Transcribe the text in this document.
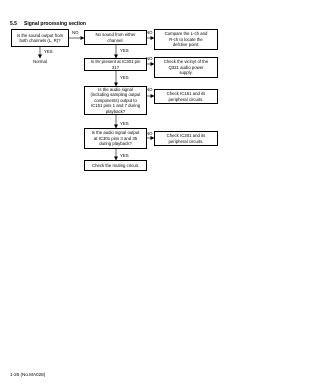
5.5 Signal processing section
Is the sound output from
both channels (L, R)?
NO
YES
Normal
No sound from either
channel.
NO
YES
Compare the L-ch and
R-ch to locate the
defctive point.
Is 9V present at IC301 pin
31?
NO
YES
Check the vicinyt of the
Q321 audio power
supply.
Is the audio signal
(including sampling output
components) output to
IC151 pins 1 and 7 during
playback?
NO
YES
Check IC151 and its
peripheral circuits.
Is the audio signal output
at IC301 pins 3 and 35
during playback?
NO
YES
Check IC301 and its
peripheral circuits.
Check the muting circuit.
1-26 (No.MA028)
